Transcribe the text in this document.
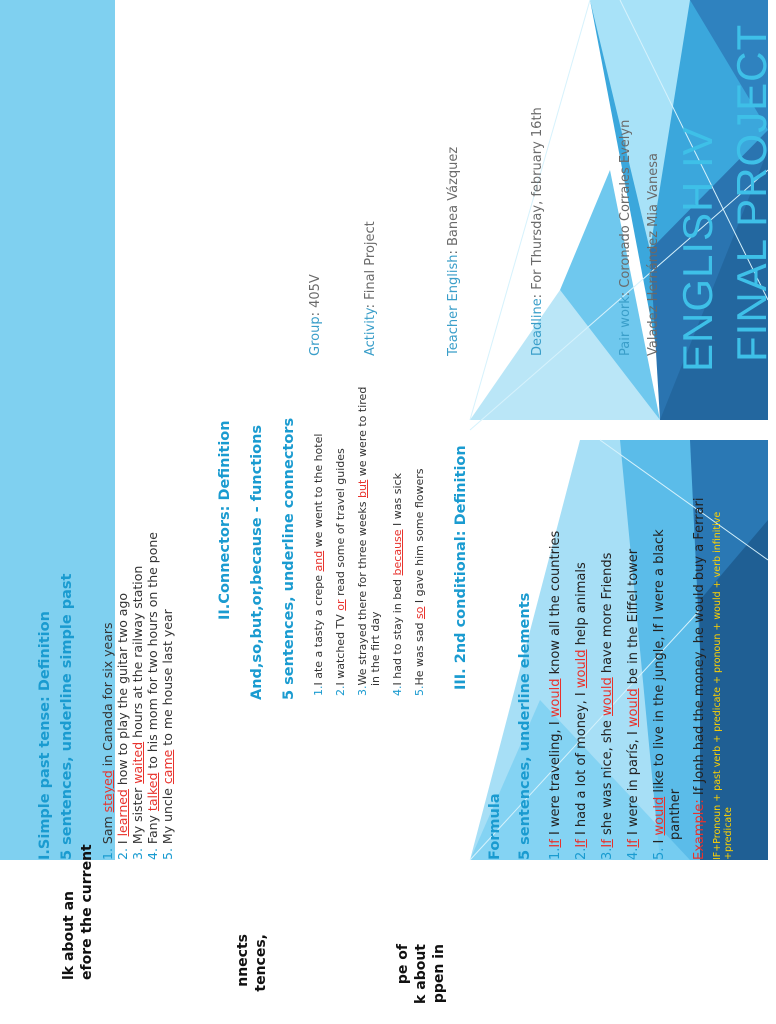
ENGLISH IV FINAL PROJECT
Pair work: Coronado Corrales Evelyn Valadez Hernández Mia Vanesa
Deadline: For Thursday, february 16th
Teacher English: Banea Vázquez
Activity: Final Project
Group: 405V
I.Simple past tense: Definition 5 sentences, underline simple past 1. Sam stayed in Canada for six years
2. I learned how to play the guitar two ago
3. My sister waited hours at the railway station
4. Fany talked to his mom for two hours on the pone
5. My uncle came to me house last year
II.Connectors: Definition And,so,but,or,because - functions 5 sentences, underline connectors 1.I ate a tasty a crepe and we went to the hotel
2.I watched TV or read some of travel guides
3.We strayed there for three weeks but we were to tired
in the firt day
4.I had to stay in bed because I was sick
5.He was sad so I gave him some flowers III. 2nd conditional: Definition
Formula 5 sentences, underline elements 1.If I were traveling, I would know all the countries
2.If I had a lot of money, I would help animals
3.If she was nice, she would have more Friends
4.If I were in parís, I would be in the Eiffel tower
5. I would like to live in the jungle, If I were a black
panther Example: If Jonh had the money, he would buy a Ferrari IF+Pronoun + past verb + predicate + pronoun + would + verb infinitive +predicate
lk about an efore the current	nnects tences,	pe of k about ppen in
